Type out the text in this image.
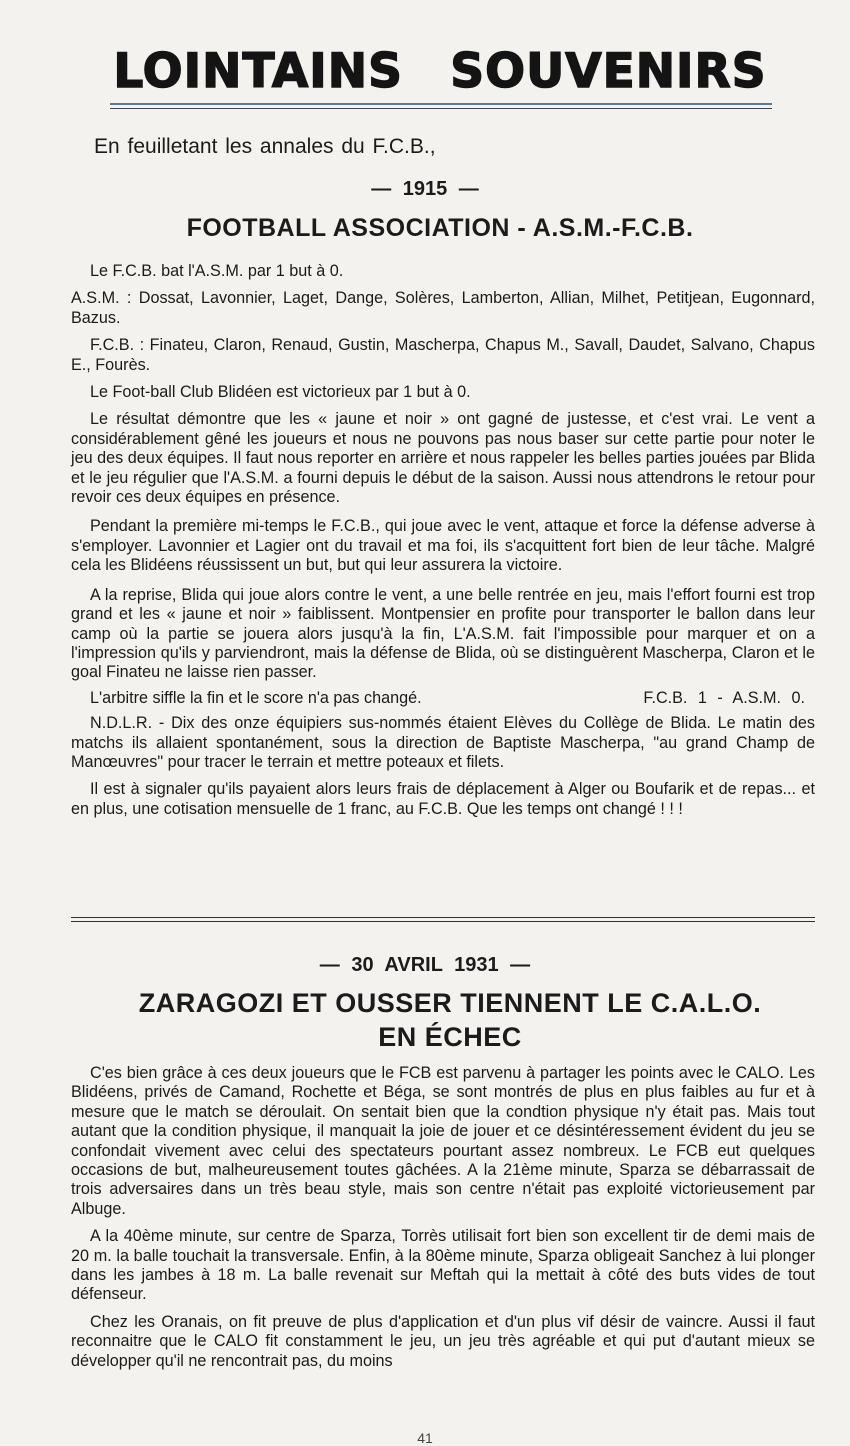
LOINTAINS SOUVENIRS
En feuilletant les annales du F.C.B.,
— 1915 —
FOOTBALL ASSOCIATION - A.S.M.-F.C.B.

Le F.C.B. bat l'A.S.M. par 1 but à 0.

A.S.M. : Dossat, Lavonnier, Laget, Dange, Solères, Lamberton, Allian, Milhet, Petitjean, Eugonnard, Bazus.

F.C.B. : Finateu, Claron, Renaud, Gustin, Mascherpa, Chapus M., Savall, Daudet, Salvano, Chapus E., Fourès.

Le Foot-ball Club Blidéen est victorieux par 1 but à 0.

Le résultat démontre que les « jaune et noir » ont gagné de justesse, et c'est vrai. Le vent a considérablement gêné les joueurs et nous ne pouvons pas nous baser sur cette partie pour noter le jeu des deux équipes. Il faut nous reporter en arrière et nous rappeler les belles parties jouées par Blida et le jeu régulier que l'A.S.M. a fourni depuis le début de la saison. Aussi nous attendrons le retour pour revoir ces deux équipes en présence.

Pendant la première mi-temps le F.C.B., qui joue avec le vent, attaque et force la défense adverse à s'employer. Lavonnier et Lagier ont du travail et ma foi, ils s'acquittent fort bien de leur tâche. Malgré cela les Blidéens réussissent un but, but qui leur assurera la victoire.

A la reprise, Blida qui joue alors contre le vent, a une belle rentrée en jeu, mais l'effort fourni est trop grand et les « jaune et noir » faiblissent. Montpensier en profite pour transporter le ballon dans leur camp où la partie se jouera alors jusqu'à la fin, L'A.S.M. fait l'impossible pour marquer et on a l'impression qu'ils y parviendront, mais la défense de Blida, où se distinguèrent Mascherpa, Claron et le goal Finateu ne laisse rien passer.

L'arbitre siffle la fin et le score n'a pas changé.	F.C.B. 1 - A.S.M. 0.

N.D.L.R. - Dix des onze équipiers sus-nommés étaient Elèves du Collège de Blida. Le matin des matchs ils allaient spontanément, sous la direction de Baptiste Mascherpa, "au grand Champ de Manœuvres" pour tracer le terrain et mettre poteaux et filets.

Il est à signaler qu'ils payaient alors leurs frais de déplacement à Alger ou Boufarik et de repas... et en plus, une cotisation mensuelle de 1 franc, au F.C.B. Que les temps ont changé ! ! !

— 30 AVRIL 1931 —
ZARAGOZI ET OUSSER TIENNENT LE C.A.L.O.
EN ÉCHEC

C'es bien grâce à ces deux joueurs que le FCB est parvenu à partager les points avec le CALO. Les Blidéens, privés de Camand, Rochette et Béga, se sont montrés de plus en plus faibles au fur et à mesure que le match se déroulait. On sentait bien que la condtion physique n'y était pas. Mais tout autant que la condition physique, il manquait la joie de jouer et ce désintéressement évident du jeu se confondait vivement avec celui des spectateurs pourtant assez nombreux. Le FCB eut quelques occasions de but, malheureusement toutes gâchées. A la 21ème minute, Sparza se débarrassait de trois adversaires dans un très beau style, mais son centre n'était pas exploité victorieusement par Albuge.

A la 40ème minute, sur centre de Sparza, Torrès utilisait fort bien son excellent tir de demi mais de 20 m. la balle touchait la transversale. Enfin, à la 80ème minute, Sparza obligeait Sanchez à lui plonger dans les jambes à 18 m. La balle revenait sur Meftah qui la mettait à côté des buts vides de tout défenseur.

Chez les Oranais, on fit preuve de plus d'application et d'un plus vif désir de vaincre. Aussi il faut reconnaitre que le CALO fit constamment le jeu, un jeu très agréable et qui put d'autant mieux se développer qu'il ne rencontrait pas, du moins

41
